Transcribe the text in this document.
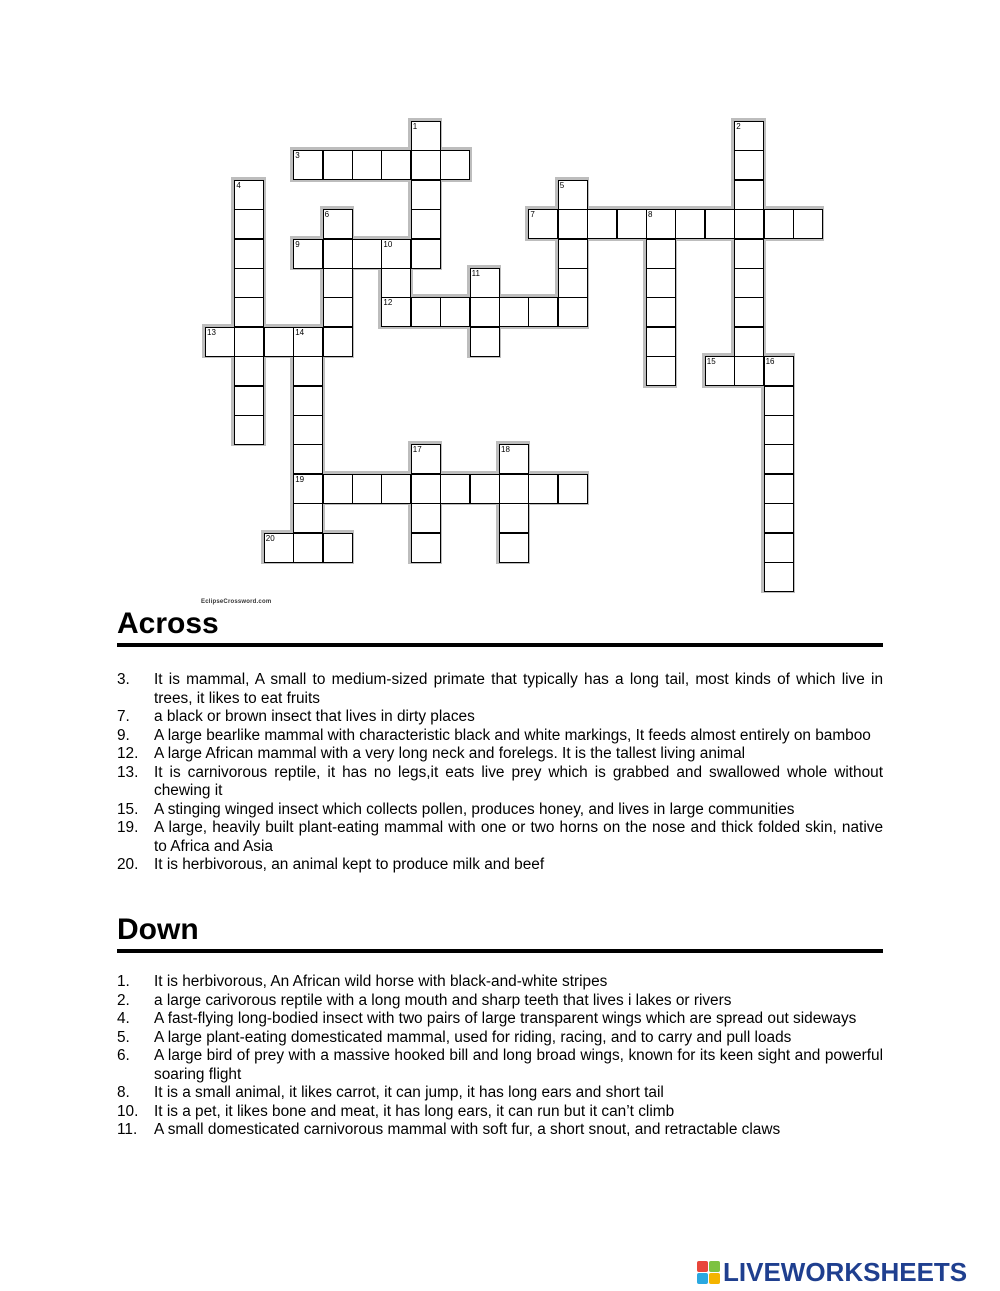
1	2
3
4	5
6	7	8
9	10
12
11
13	14
19
15	16
17	18
20
EclipseCrossword.com
Across
3. It is mammal, A small to medium-sized primate that typically has a long tail, most kinds of which live in trees, it likes to eat fruits
7. a black or brown insect that lives in dirty places
9. A large bearlike mammal with characteristic black and white markings, It feeds almost entirely on bamboo
12. A large African mammal with a very long neck and forelegs. It is the tallest living animal
13. It is carnivorous reptile, it has no legs,it eats live prey which is grabbed and swallowed whole without chewing it
15. A stinging winged insect which collects pollen, produces honey, and lives in large communities
19. A large, heavily built plant-eating mammal with one or two horns on the nose and thick folded skin, native to Africa and Asia
20. It is herbivorous, an animal kept to produce milk and beef
Down
1. It is herbivorous, An African wild horse with black-and-white stripes
2. a large carivorous reptile with a long mouth and sharp teeth that lives i lakes or rivers
4. A fast-flying long-bodied insect with two pairs of large transparent wings which are spread out sideways
5. A large plant-eating domesticated mammal, used for riding, racing, and to carry and pull loads
6. A large bird of prey with a massive hooked bill and long broad wings, known for its keen sight and powerful soaring flight
8. It is a small animal, it likes carrot, it can jump, it has long ears and short tail
10. It is a pet, it likes bone and meat, it has long ears, it can run but it can’t climb
11. A small domesticated carnivorous mammal with soft fur, a short snout, and retractable claws
LIVEWORKSHEETS
